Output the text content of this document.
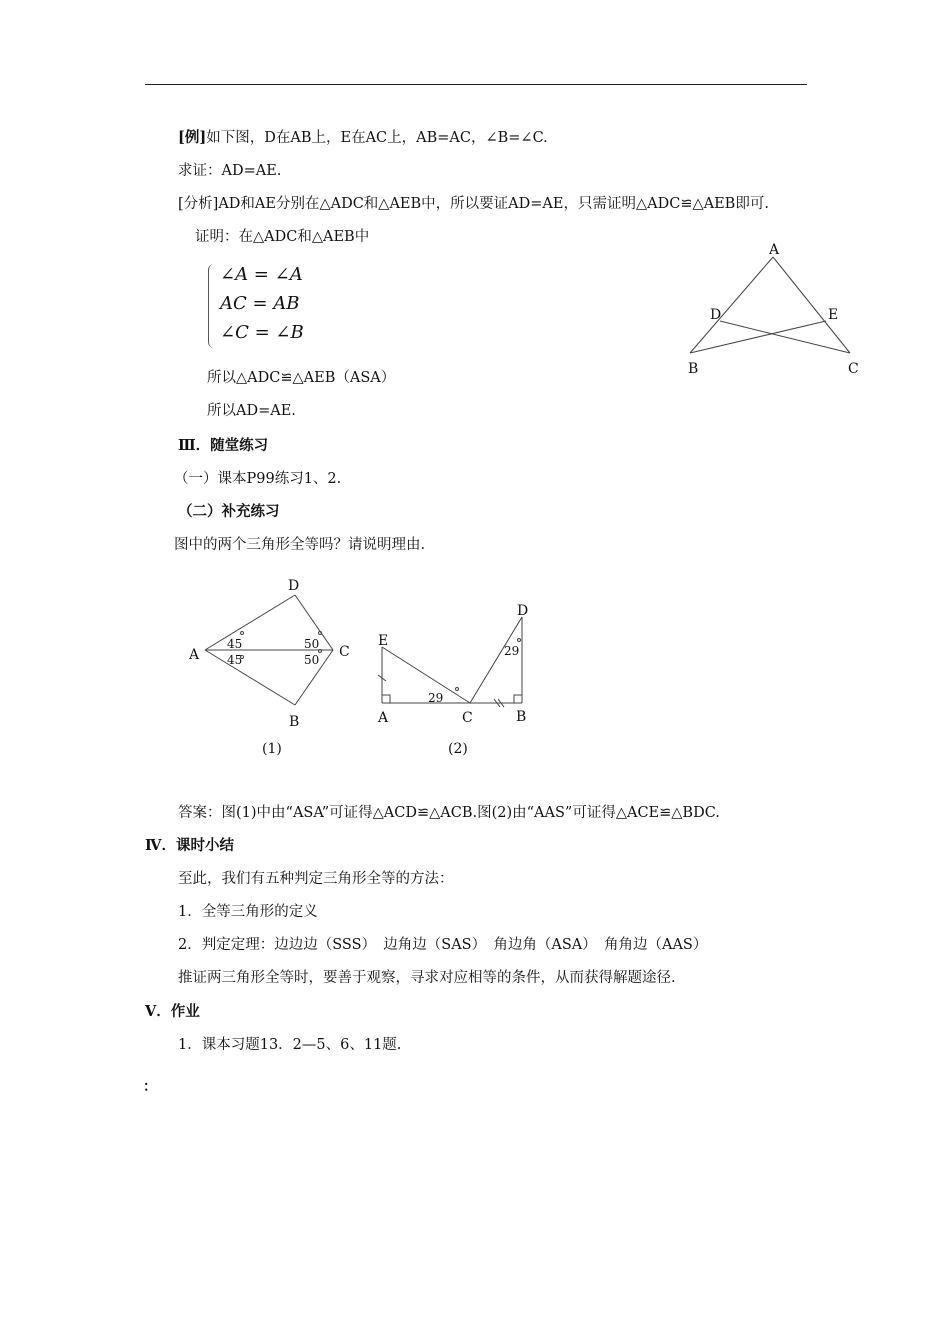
[例]如下图，D在AB上，E在AC上，AB=AC，∠B=∠C.
求证：AD=AE.
[分析]AD和AE分别在△ADC和△AEB中，所以要证AD=AE，只需证明△ADC≌△AEB即可.
证明：在△ADC和△AEB中
∠A = ∠A
AC = AB
∠C = ∠B
所以△ADC≌△AEB（ASA）
所以AD=AE.
A
D	E
B	C
Ⅲ．随堂练习
（一）课本P99练习1、2.
（二）补充练习
图中的两个三角形全等吗？请说明理由.
D
A	C
B
45
45
50
50
(1)
D
E
A	C	B
29
29
(2)
答案：图(1)中由“ASA”可证得△ACD≌△ACB.图(2)由“AAS”可证得△ACE≌△BDC.
Ⅳ．课时小结
至此，我们有五种判定三角形全等的方法：
1．全等三角形的定义
2．判定定理：边边边（SSS）　边角边（SAS）　角边角（ASA）　角角边（AAS）
推证两三角形全等时，要善于观察，寻求对应相等的条件，从而获得解题途径.
Ⅴ．作业
1．课本习题13．2—5、6、11题.
：
